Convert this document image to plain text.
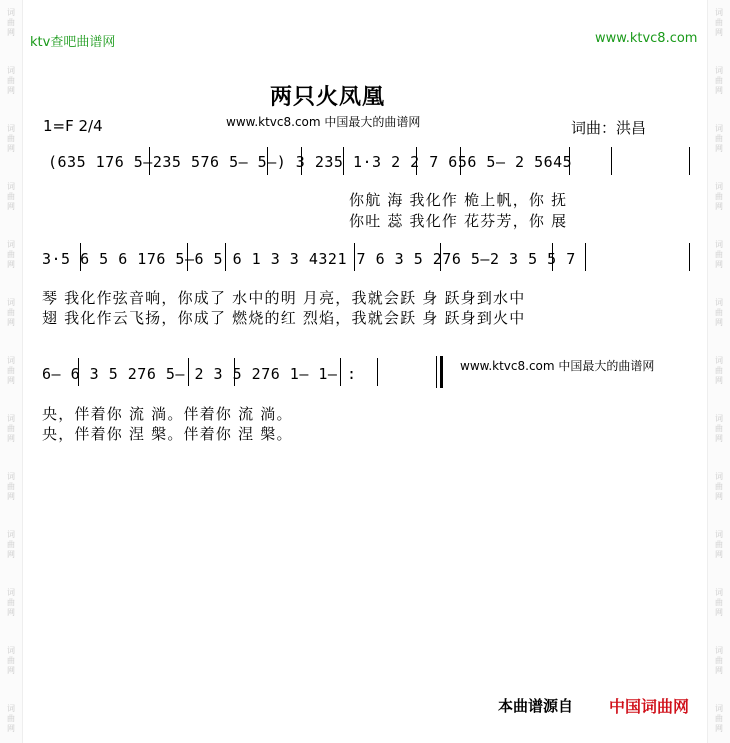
词
曲
网
词
曲
网
词
曲
网
词
曲
网
词
曲
网
词
曲
网
词
曲
网
词
曲
网
词
曲
网
词
曲
网
词
曲
网
词
曲
网
词
曲
网
词
曲
网
词
曲
网
词
曲
网
词
曲
网
词
曲
网
词
曲
网
词
曲
网
词
曲
网
词
曲
网
词
曲
网
词
曲
网
词
曲
网
词
曲
网
ktv查吧曲谱网	www.ktvc8.com
两只火凤凰
1=F 2/4	www.ktvc8.com 中国最大的曲谱网	词曲：洪昌
(635 176 5—235 576 5— 5—) 3 235 1·3 2 2 7 656 5— 2 5645
你航 海 我化作 桅上帆，你 抚
你吐 蕊 我化作 花芬芳，你 展
3·5 6 5 6 176 5—6 5 6 1 3 3 4321 7 6 3 5 276 5—2 3 5 5 7
琴 我化作弦音响，你成了 水中的明 月亮，我就会跃 身 跃身到水中
翅 我化作云飞扬，你成了 燃烧的红 烈焰，我就会跃 身 跃身到火中
6— 6 3 5 276 5— 2 3 5 276 1— 1— :	www.ktvc8.com 中国最大的曲谱网
央，伴着你 流 淌。伴着你 流 淌。
央，伴着你 涅 槃。伴着你 涅 槃。
本曲谱源自 中国词曲网
